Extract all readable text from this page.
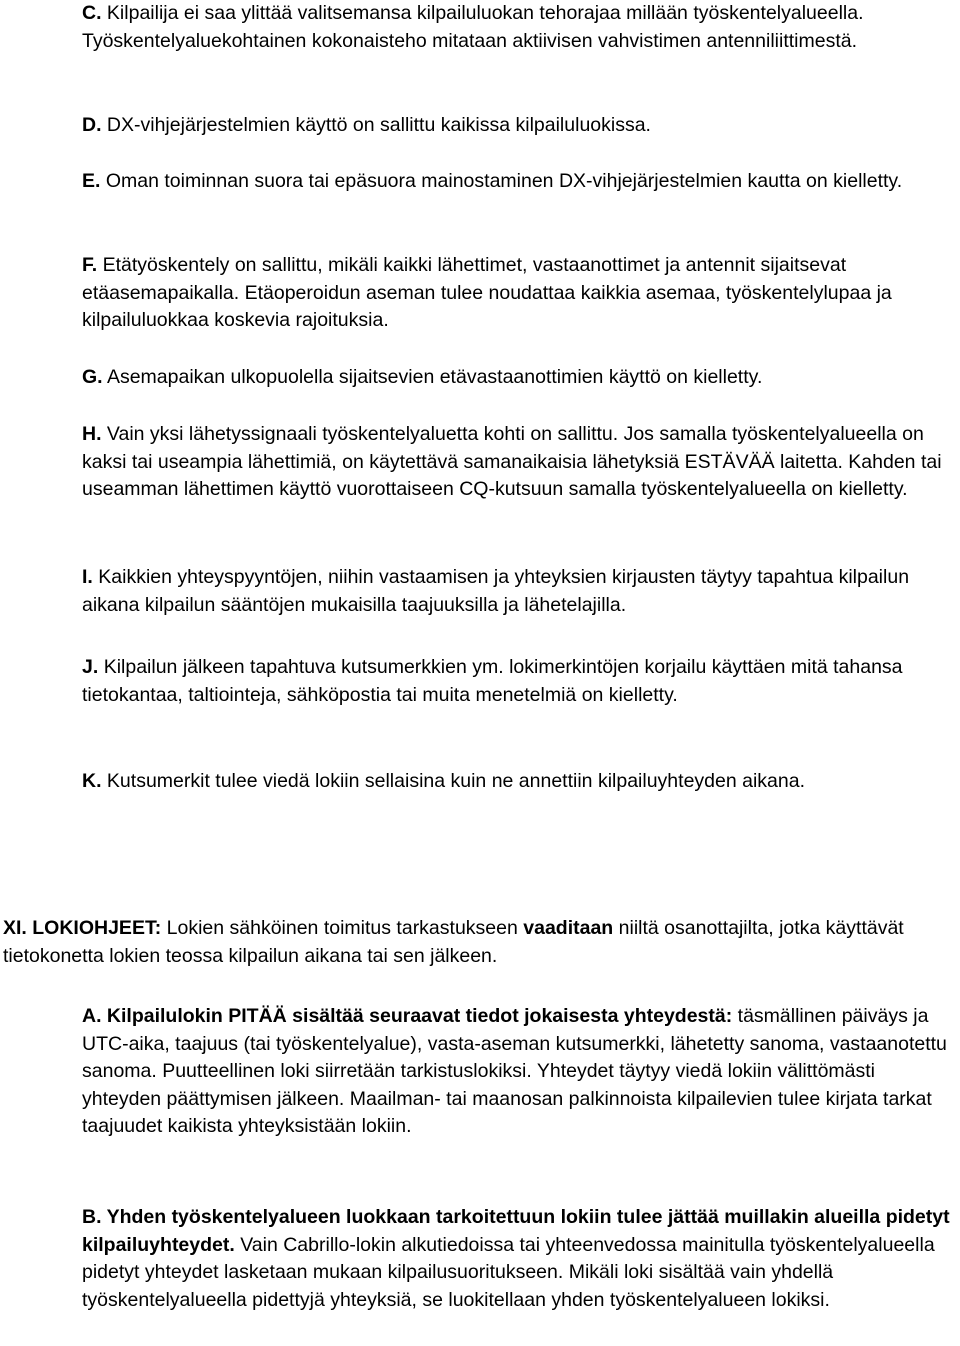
C. Kilpailija ei saa ylittää valitsemansa kilpailuluokan tehorajaa millään työskentelyalueella. Työskentelyaluekohtainen kokonaisteho mitataan aktiivisen vahvistimen antenniliittimestä.

D. DX-vihjejärjestelmien käyttö on sallittu kaikissa kilpailuluokissa.

E. Oman toiminnan suora tai epäsuora mainostaminen DX-vihjejärjestelmien kautta on kielletty.

F. Etätyöskentely on sallittu, mikäli kaikki lähettimet, vastaanottimet ja antennit sijaitsevat etäasemapaikalla. Etäoperoidun aseman tulee noudattaa kaikkia asemaa, työskentelylupaa ja kilpailuluokkaa koskevia rajoituksia.

G. Asemapaikan ulkopuolella sijaitsevien etävastaanottimien käyttö on kielletty.

H. Vain yksi lähetyssignaali työskentelyaluetta kohti on sallittu. Jos samalla työskentelyalueella on kaksi tai useampia lähettimiä, on käytettävä samanaikaisia lähetyksiä ESTÄVÄÄ laitetta. Kahden tai useamman lähettimen käyttö vuorottaiseen CQ-kutsuun samalla työskentelyalueella on kielletty.

I. Kaikkien yhteyspyyntöjen, niihin vastaamisen ja yhteyksien kirjausten täytyy tapahtua kilpailun aikana kilpailun sääntöjen mukaisilla taajuuksilla ja lähetelajilla.

J. Kilpailun jälkeen tapahtuva kutsumerkkien ym. lokimerkintöjen korjailu käyttäen mitä tahansa tietokantaa, taltiointeja, sähköpostia tai muita menetelmiä on kielletty.

K. Kutsumerkit tulee viedä lokiin sellaisina kuin ne annettiin kilpailuyhteyden aikana.

XI. LOKIOHJEET: Lokien sähköinen toimitus tarkastukseen vaaditaan niiltä osanottajilta, jotka käyttävät tietokonetta lokien teossa kilpailun aikana tai sen jälkeen.

A. Kilpailulokin PITÄÄ sisältää seuraavat tiedot jokaisesta yhteydestä: täsmällinen päiväys ja UTC-aika, taajuus (tai työskentelyalue), vasta-aseman kutsumerkki, lähetetty sanoma, vastaanotettu sanoma. Puutteellinen loki siirretään tarkistuslokiksi. Yhteydet täytyy viedä lokiin välittömästi yhteyden päättymisen jälkeen. Maailman- tai maanosan palkinnoista kilpailevien tulee kirjata tarkat taajuudet kaikista yhteyksistään lokiin.

B. Yhden työskentelyalueen luokkaan tarkoitettuun lokiin tulee jättää muillakin alueilla pidetyt kilpailuyhteydet. Vain Cabrillo-lokin alkutiedoissa tai yhteenvedossa mainitulla työskentelyalueella pidetyt yhteydet lasketaan mukaan kilpailusuoritukseen. Mikäli loki sisältää vain yhdellä työskentelyalueella pidettyjä yhteyksiä, se luokitellaan yhden työskentelyalueen lokiksi.
